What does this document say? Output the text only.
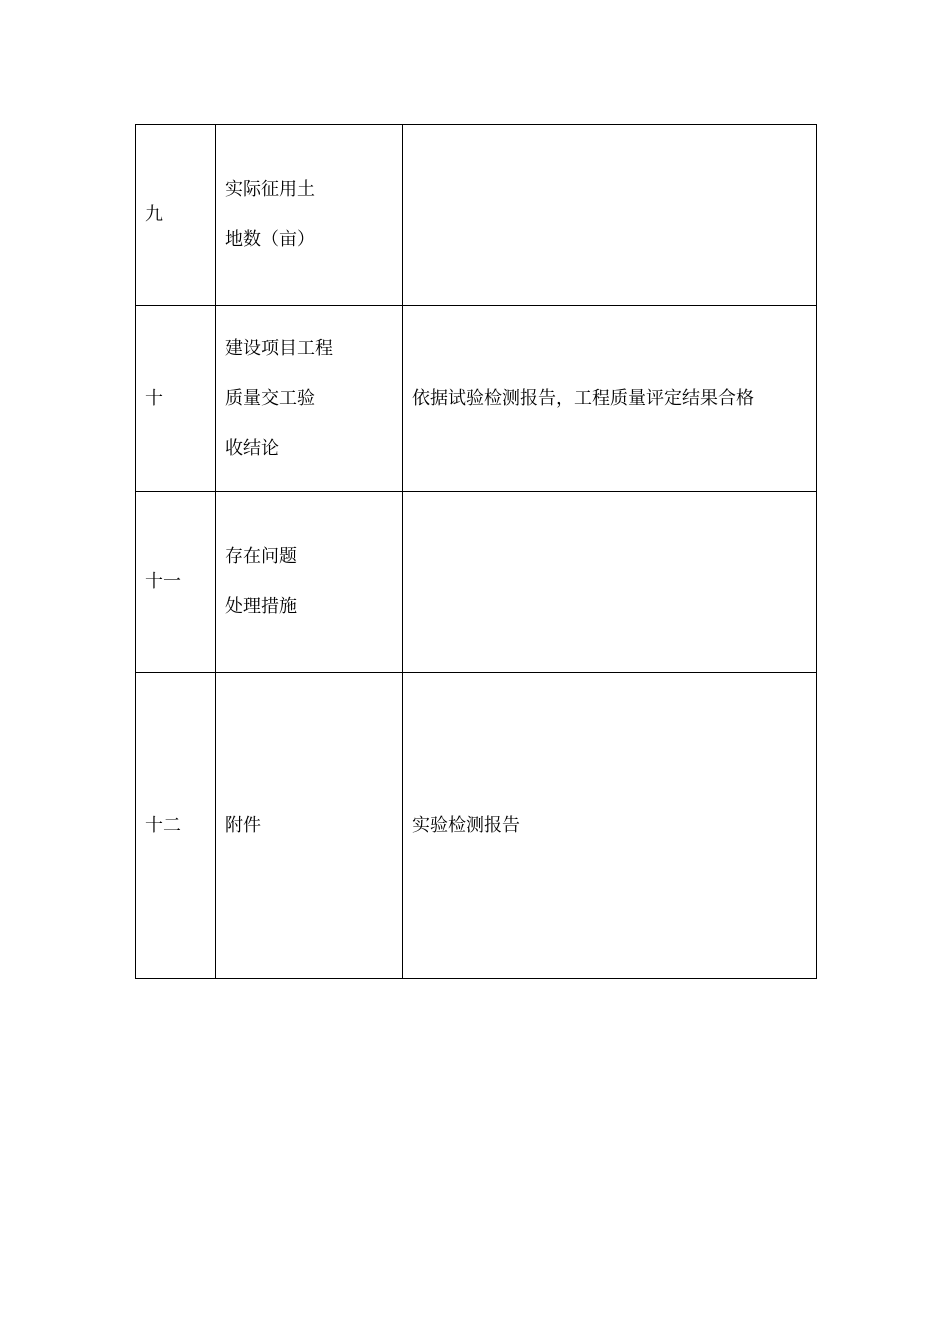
九	实际征用土
地数（亩）	

十	建设项目工程
质量交工验
收结论	依据试验检测报告，工程质量评定结果合格

十一	存在问题
处理措施	

十二	附件	实验检测报告
